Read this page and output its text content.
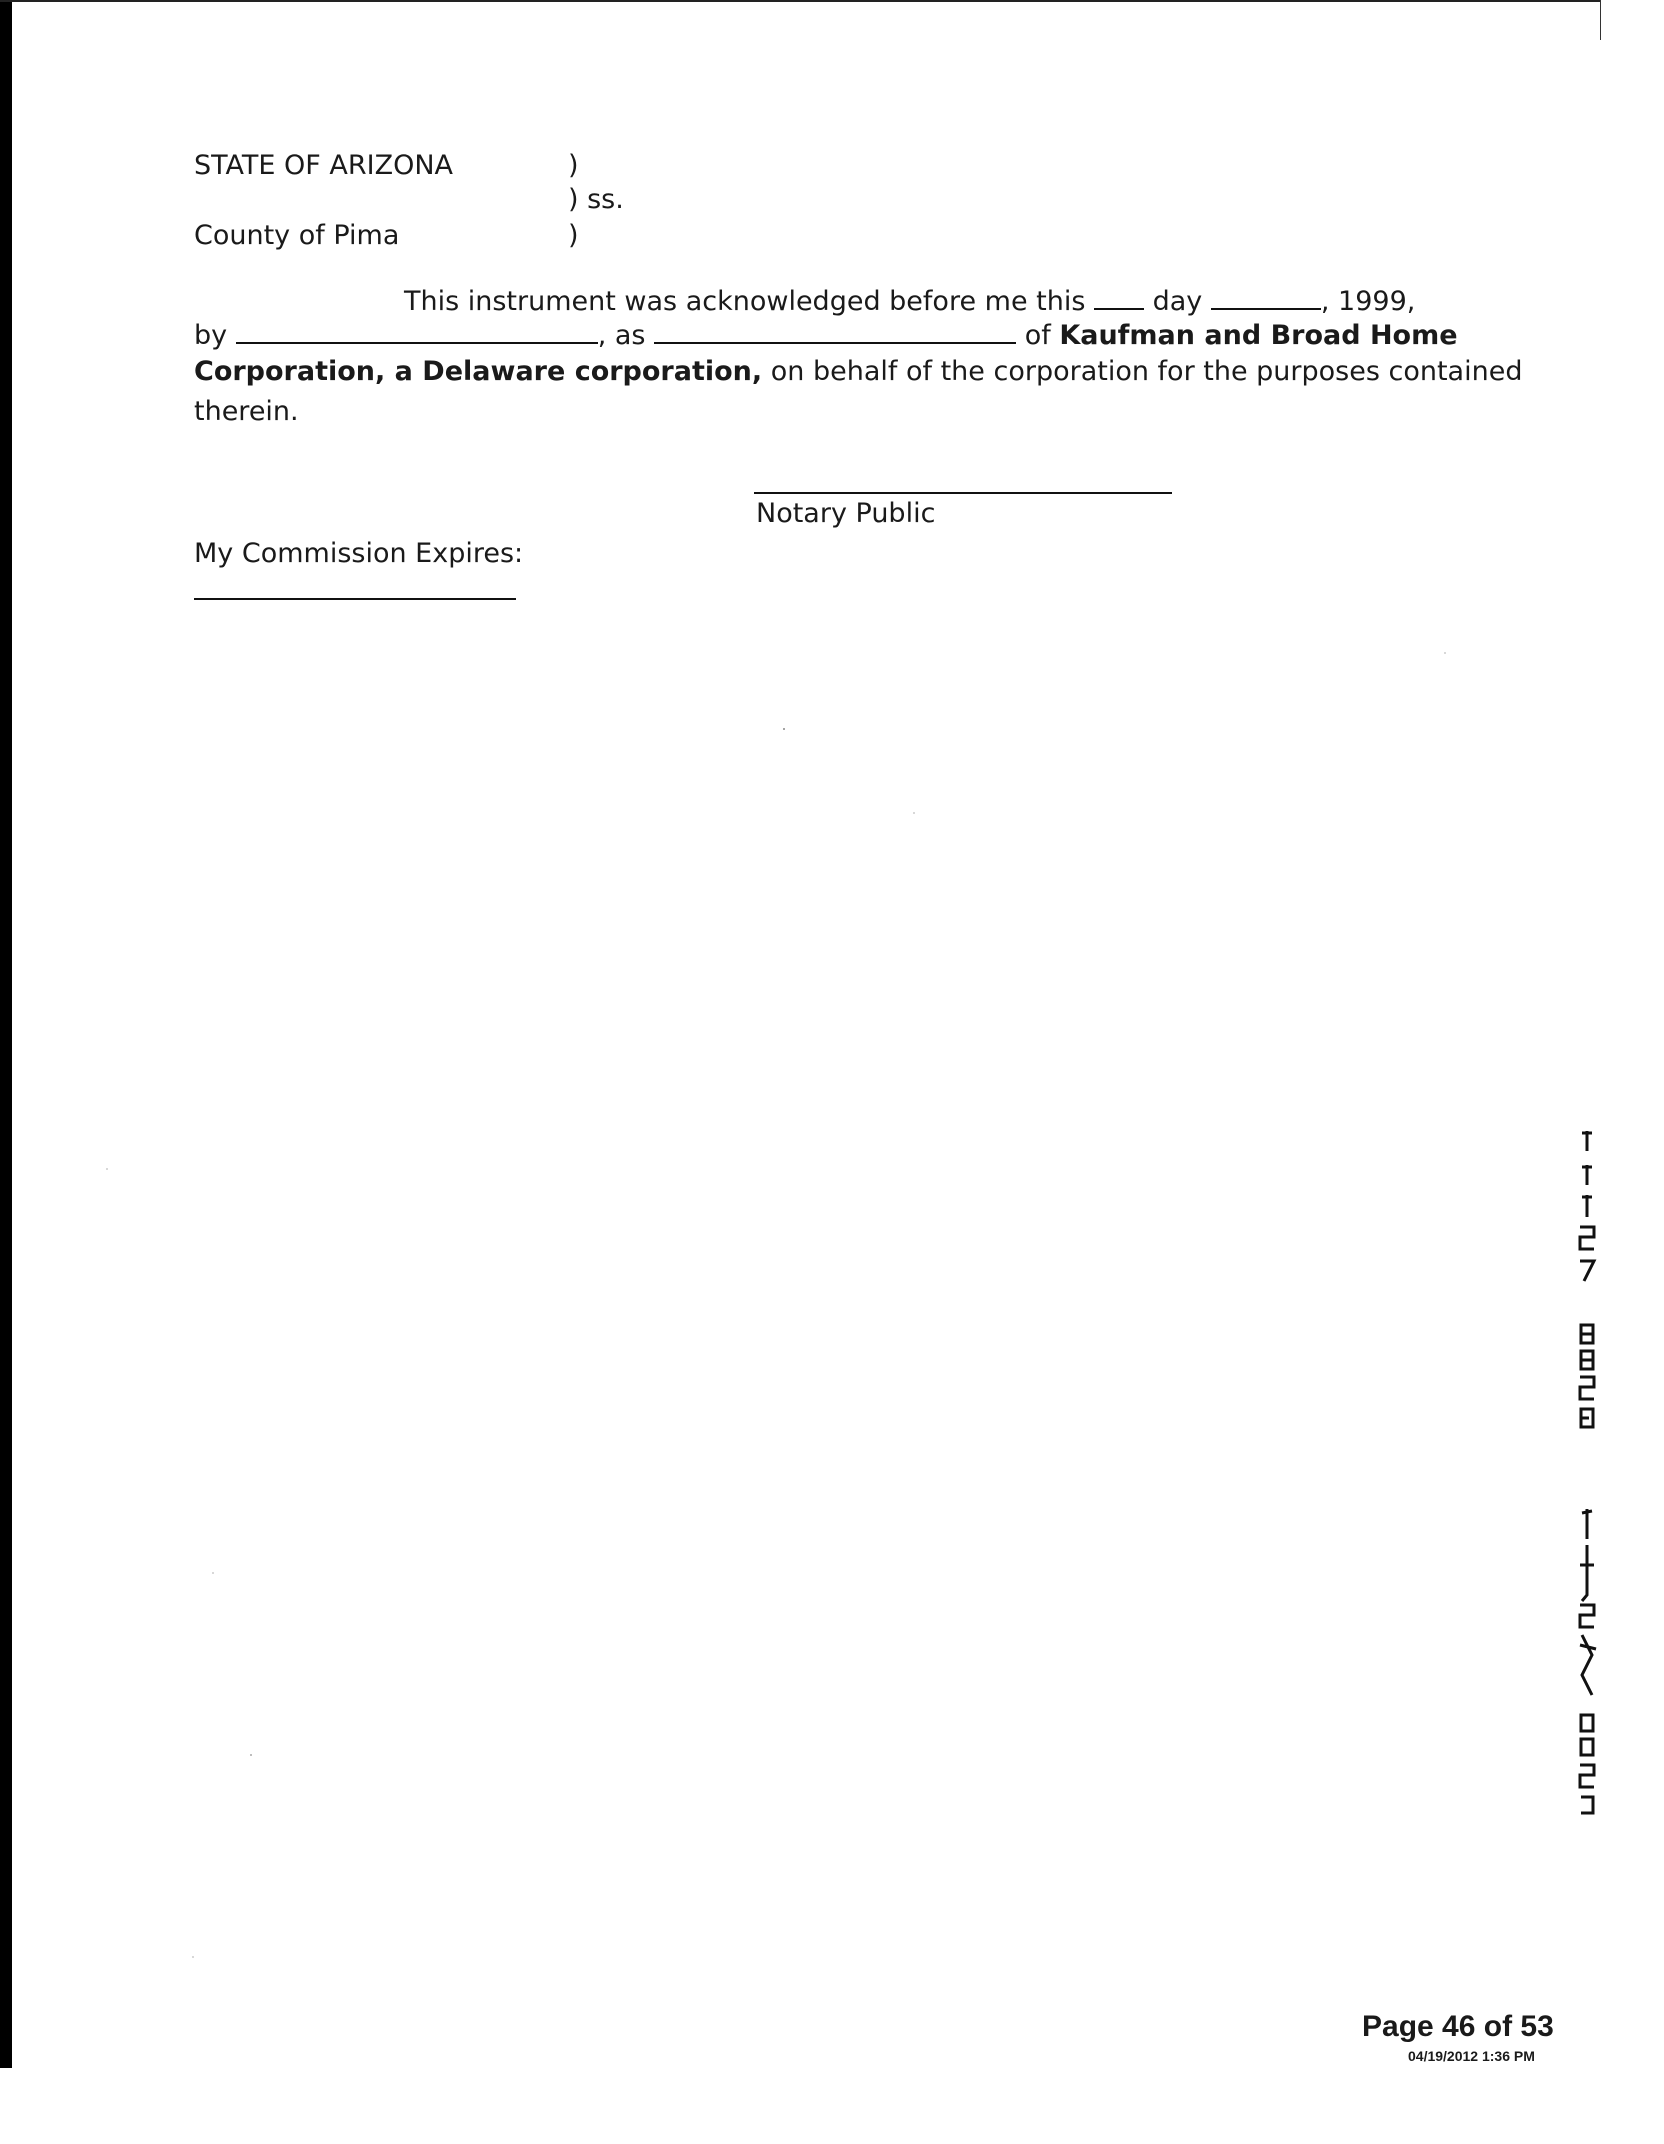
STATE OF ARIZONA	)
) ss.
County of Pima	)
This instrument was acknowledged before me this day	, 1999,
by	, as	of Kaufman and Broad Home
Corporation, a Delaware corporation, on behalf of the corporation for the purposes contained
therein.
Notary Public
My Commission Expires:
Page 46 of 53
04/19/2012 1:36 PM
